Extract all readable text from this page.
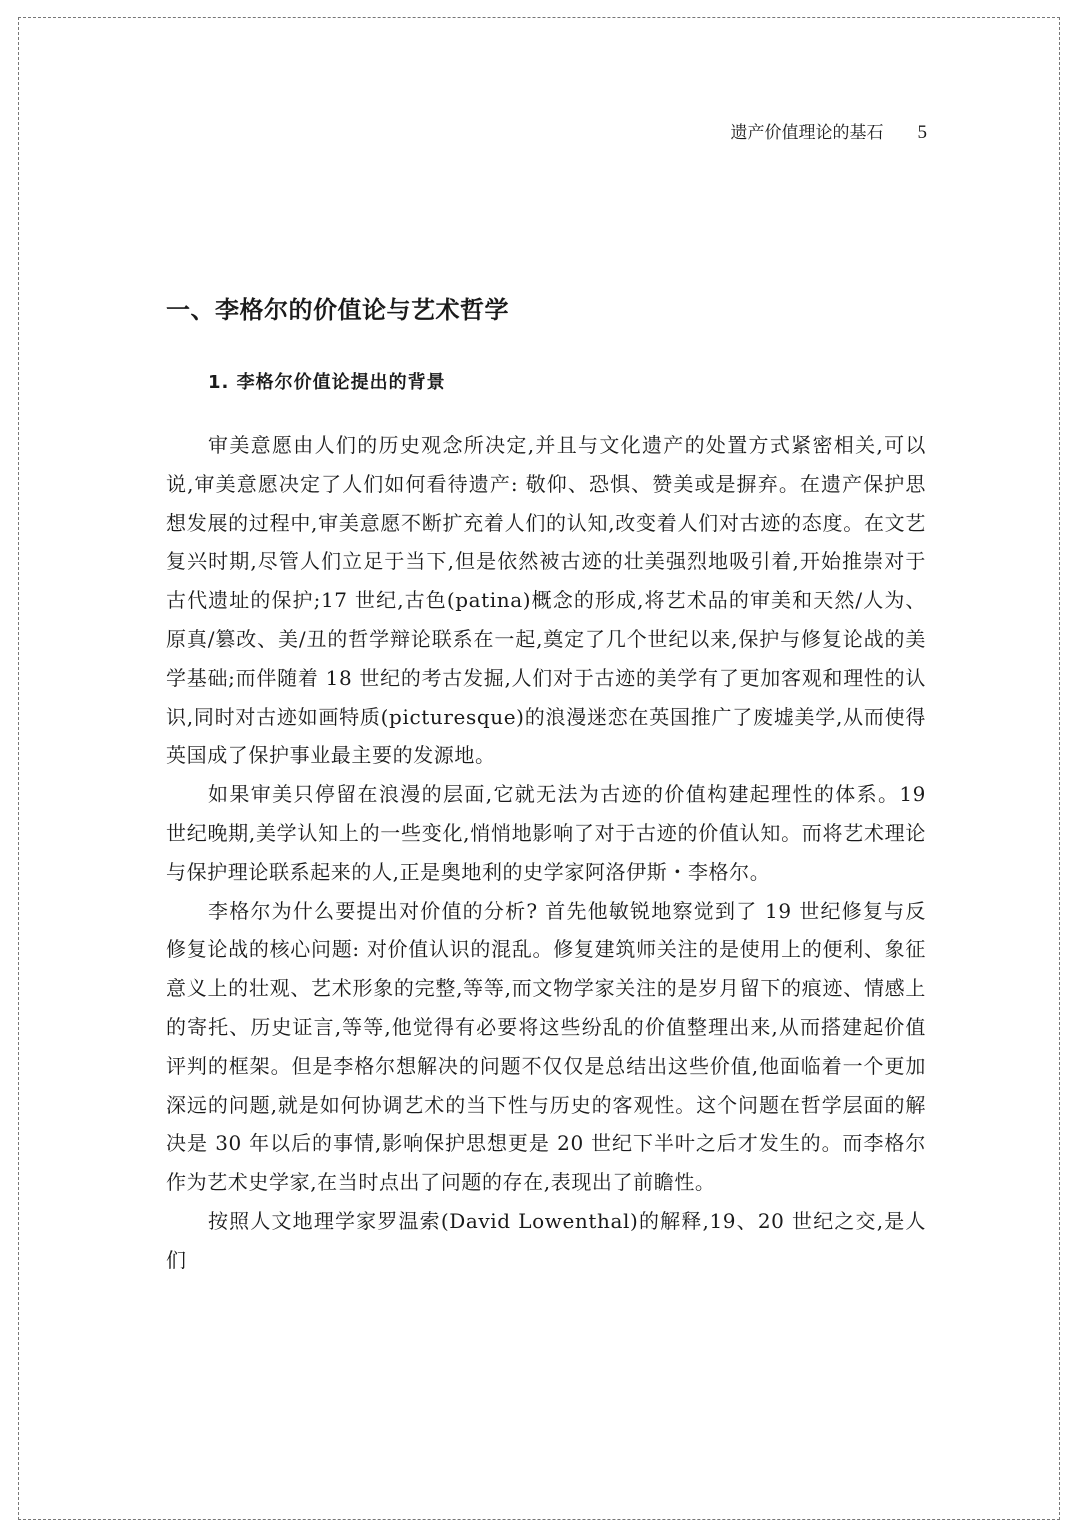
遗产价值理论的基石 5
一、李格尔的价值论与艺术哲学
1. 李格尔价值论提出的背景

审美意愿由人们的历史观念所决定,并且与文化遗产的处置方式紧密相关,可以说,审美意愿决定了人们如何看待遗产: 敬仰、恐惧、赞美或是摒弃。在遗产保护思想发展的过程中,审美意愿不断扩充着人们的认知,改变着人们对古迹的态度。在文艺复兴时期,尽管人们立足于当下,但是依然被古迹的壮美强烈地吸引着,开始推崇对于古代遗址的保护;17 世纪,古色(patina)概念的形成,将艺术品的审美和天然/人为、原真/篡改、美/丑的哲学辩论联系在一起,奠定了几个世纪以来,保护与修复论战的美学基础;而伴随着 18 世纪的考古发掘,人们对于古迹的美学有了更加客观和理性的认识,同时对古迹如画特质(picturesque)的浪漫迷恋在英国推广了废墟美学,从而使得英国成了保护事业最主要的发源地。

如果审美只停留在浪漫的层面,它就无法为古迹的价值构建起理性的体系。19 世纪晚期,美学认知上的一些变化,悄悄地影响了对于古迹的价值认知。而将艺术理论与保护理论联系起来的人,正是奥地利的史学家阿洛伊斯・李格尔。

李格尔为什么要提出对价值的分析? 首先他敏锐地察觉到了 19 世纪修复与反修复论战的核心问题: 对价值认识的混乱。修复建筑师关注的是使用上的便利、象征意义上的壮观、艺术形象的完整,等等,而文物学家关注的是岁月留下的痕迹、情感上的寄托、历史证言,等等,他觉得有必要将这些纷乱的价值整理出来,从而搭建起价值评判的框架。但是李格尔想解决的问题不仅仅是总结出这些价值,他面临着一个更加深远的问题,就是如何协调艺术的当下性与历史的客观性。这个问题在哲学层面的解决是 30 年以后的事情,影响保护思想更是 20 世纪下半叶之后才发生的。而李格尔作为艺术史学家,在当时点出了问题的存在,表现出了前瞻性。

按照人文地理学家罗温索(David Lowenthal)的解释,19、20 世纪之交,是人们
